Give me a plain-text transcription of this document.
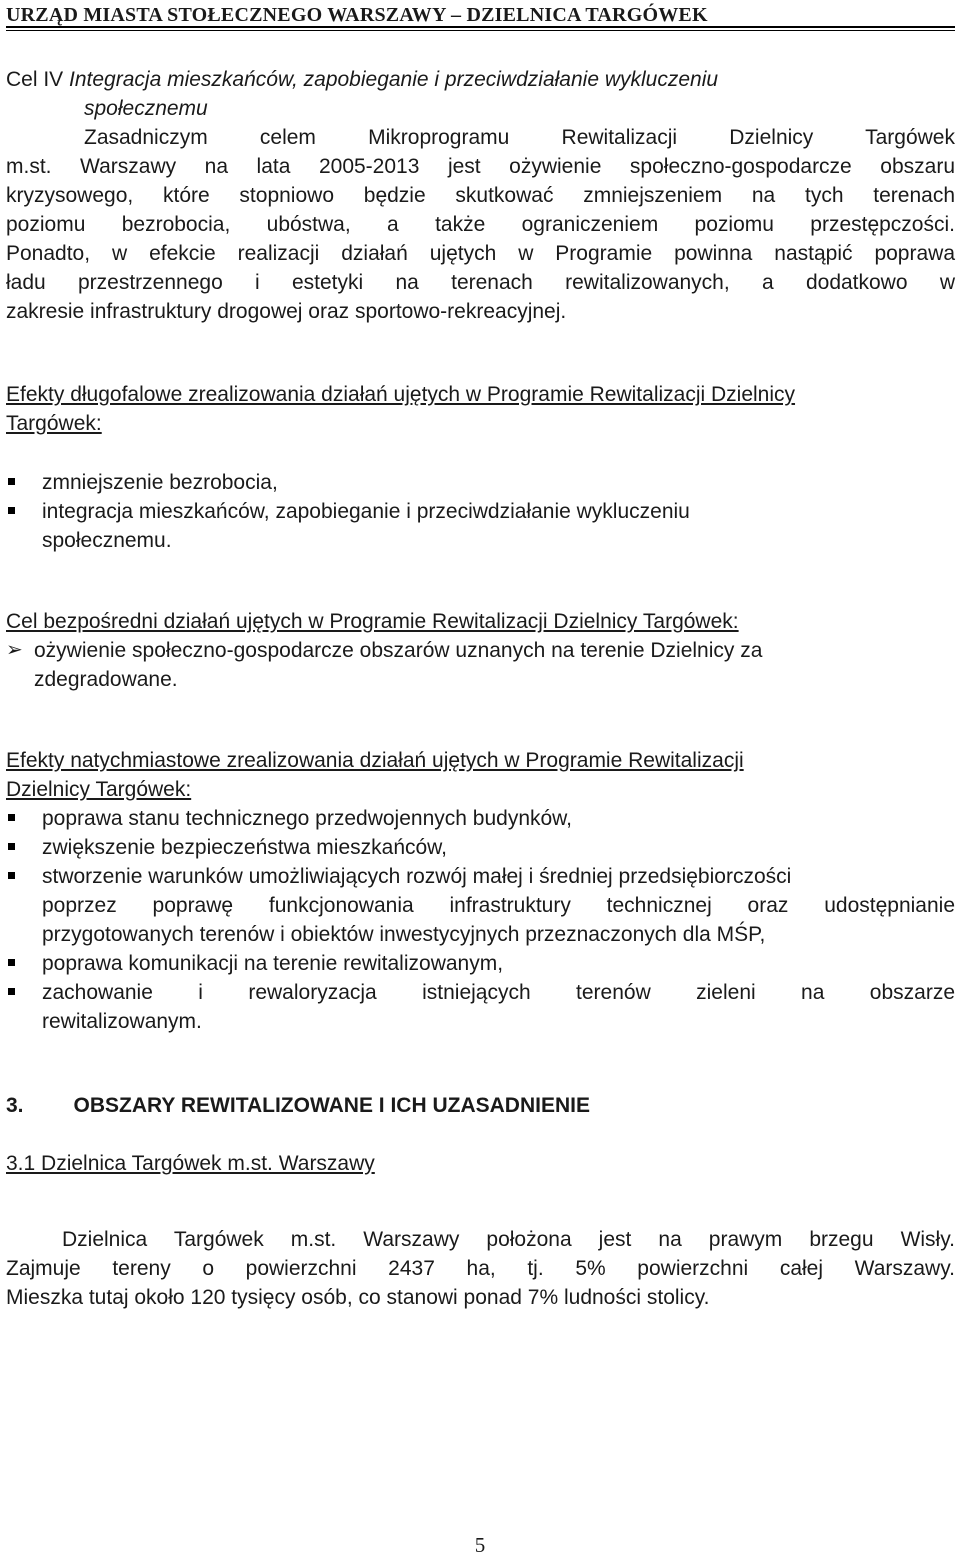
URZĄD MIASTA STOŁECZNEGO WARSZAWY – DZIELNICA TARGÓWEK
Cel IV Integracja mieszkańców, zapobieganie i przeciwdziałanie wykluczeniu
społecznemu
Zasadniczym celem Mikroprogramu Rewitalizacji Dzielnicy Targówek
m.st. Warszawy na lata 2005-2013 jest ożywienie społeczno-gospodarcze obszaru
kryzysowego, które stopniowo będzie skutkować zmniejszeniem na tych terenach
poziomu bezrobocia, ubóstwa, a także ograniczeniem poziomu przestępczości.
Ponadto, w efekcie realizacji działań ujętych w Programie powinna nastąpić poprawa
ładu przestrzennego i estetyki na terenach rewitalizowanych, a dodatkowo w
zakresie infrastruktury drogowej oraz sportowo-rekreacyjnej.
Efekty długofalowe zrealizowania działań ujętych w Programie Rewitalizacji Dzielnicy
Targówek:
zmniejszenie bezrobocia,
integracja mieszkańców, zapobieganie i przeciwdziałanie wykluczeniu
społecznemu.
Cel bezpośredni działań ujętych w Programie Rewitalizacji Dzielnicy Targówek:
➢ ożywienie społeczno-gospodarcze obszarów uznanych na terenie Dzielnicy za
zdegradowane.
Efekty natychmiastowe zrealizowania działań ujętych w Programie Rewitalizacji
Dzielnicy Targówek:
poprawa stanu technicznego przedwojennych budynków,
zwiększenie bezpieczeństwa mieszkańców,
stworzenie warunków umożliwiających rozwój małej i średniej przedsiębiorczości
poprzez poprawę funkcjonowania infrastruktury technicznej oraz udostępnianie
przygotowanych terenów i obiektów inwestycyjnych przeznaczonych dla MŚP,
poprawa komunikacji na terenie rewitalizowanym,
zachowanie i rewaloryzacja istniejących terenów zieleni na obszarze
rewitalizowanym.
3. OBSZARY REWITALIZOWANE I ICH UZASADNIENIE
3.1 Dzielnica Targówek m.st. Warszawy
Dzielnica Targówek m.st. Warszawy położona jest na prawym brzegu Wisły.
Zajmuje tereny o powierzchni 2437 ha, tj. 5% powierzchni całej Warszawy.
Mieszka tutaj około 120 tysięcy osób, co stanowi ponad 7% ludności stolicy.
5
